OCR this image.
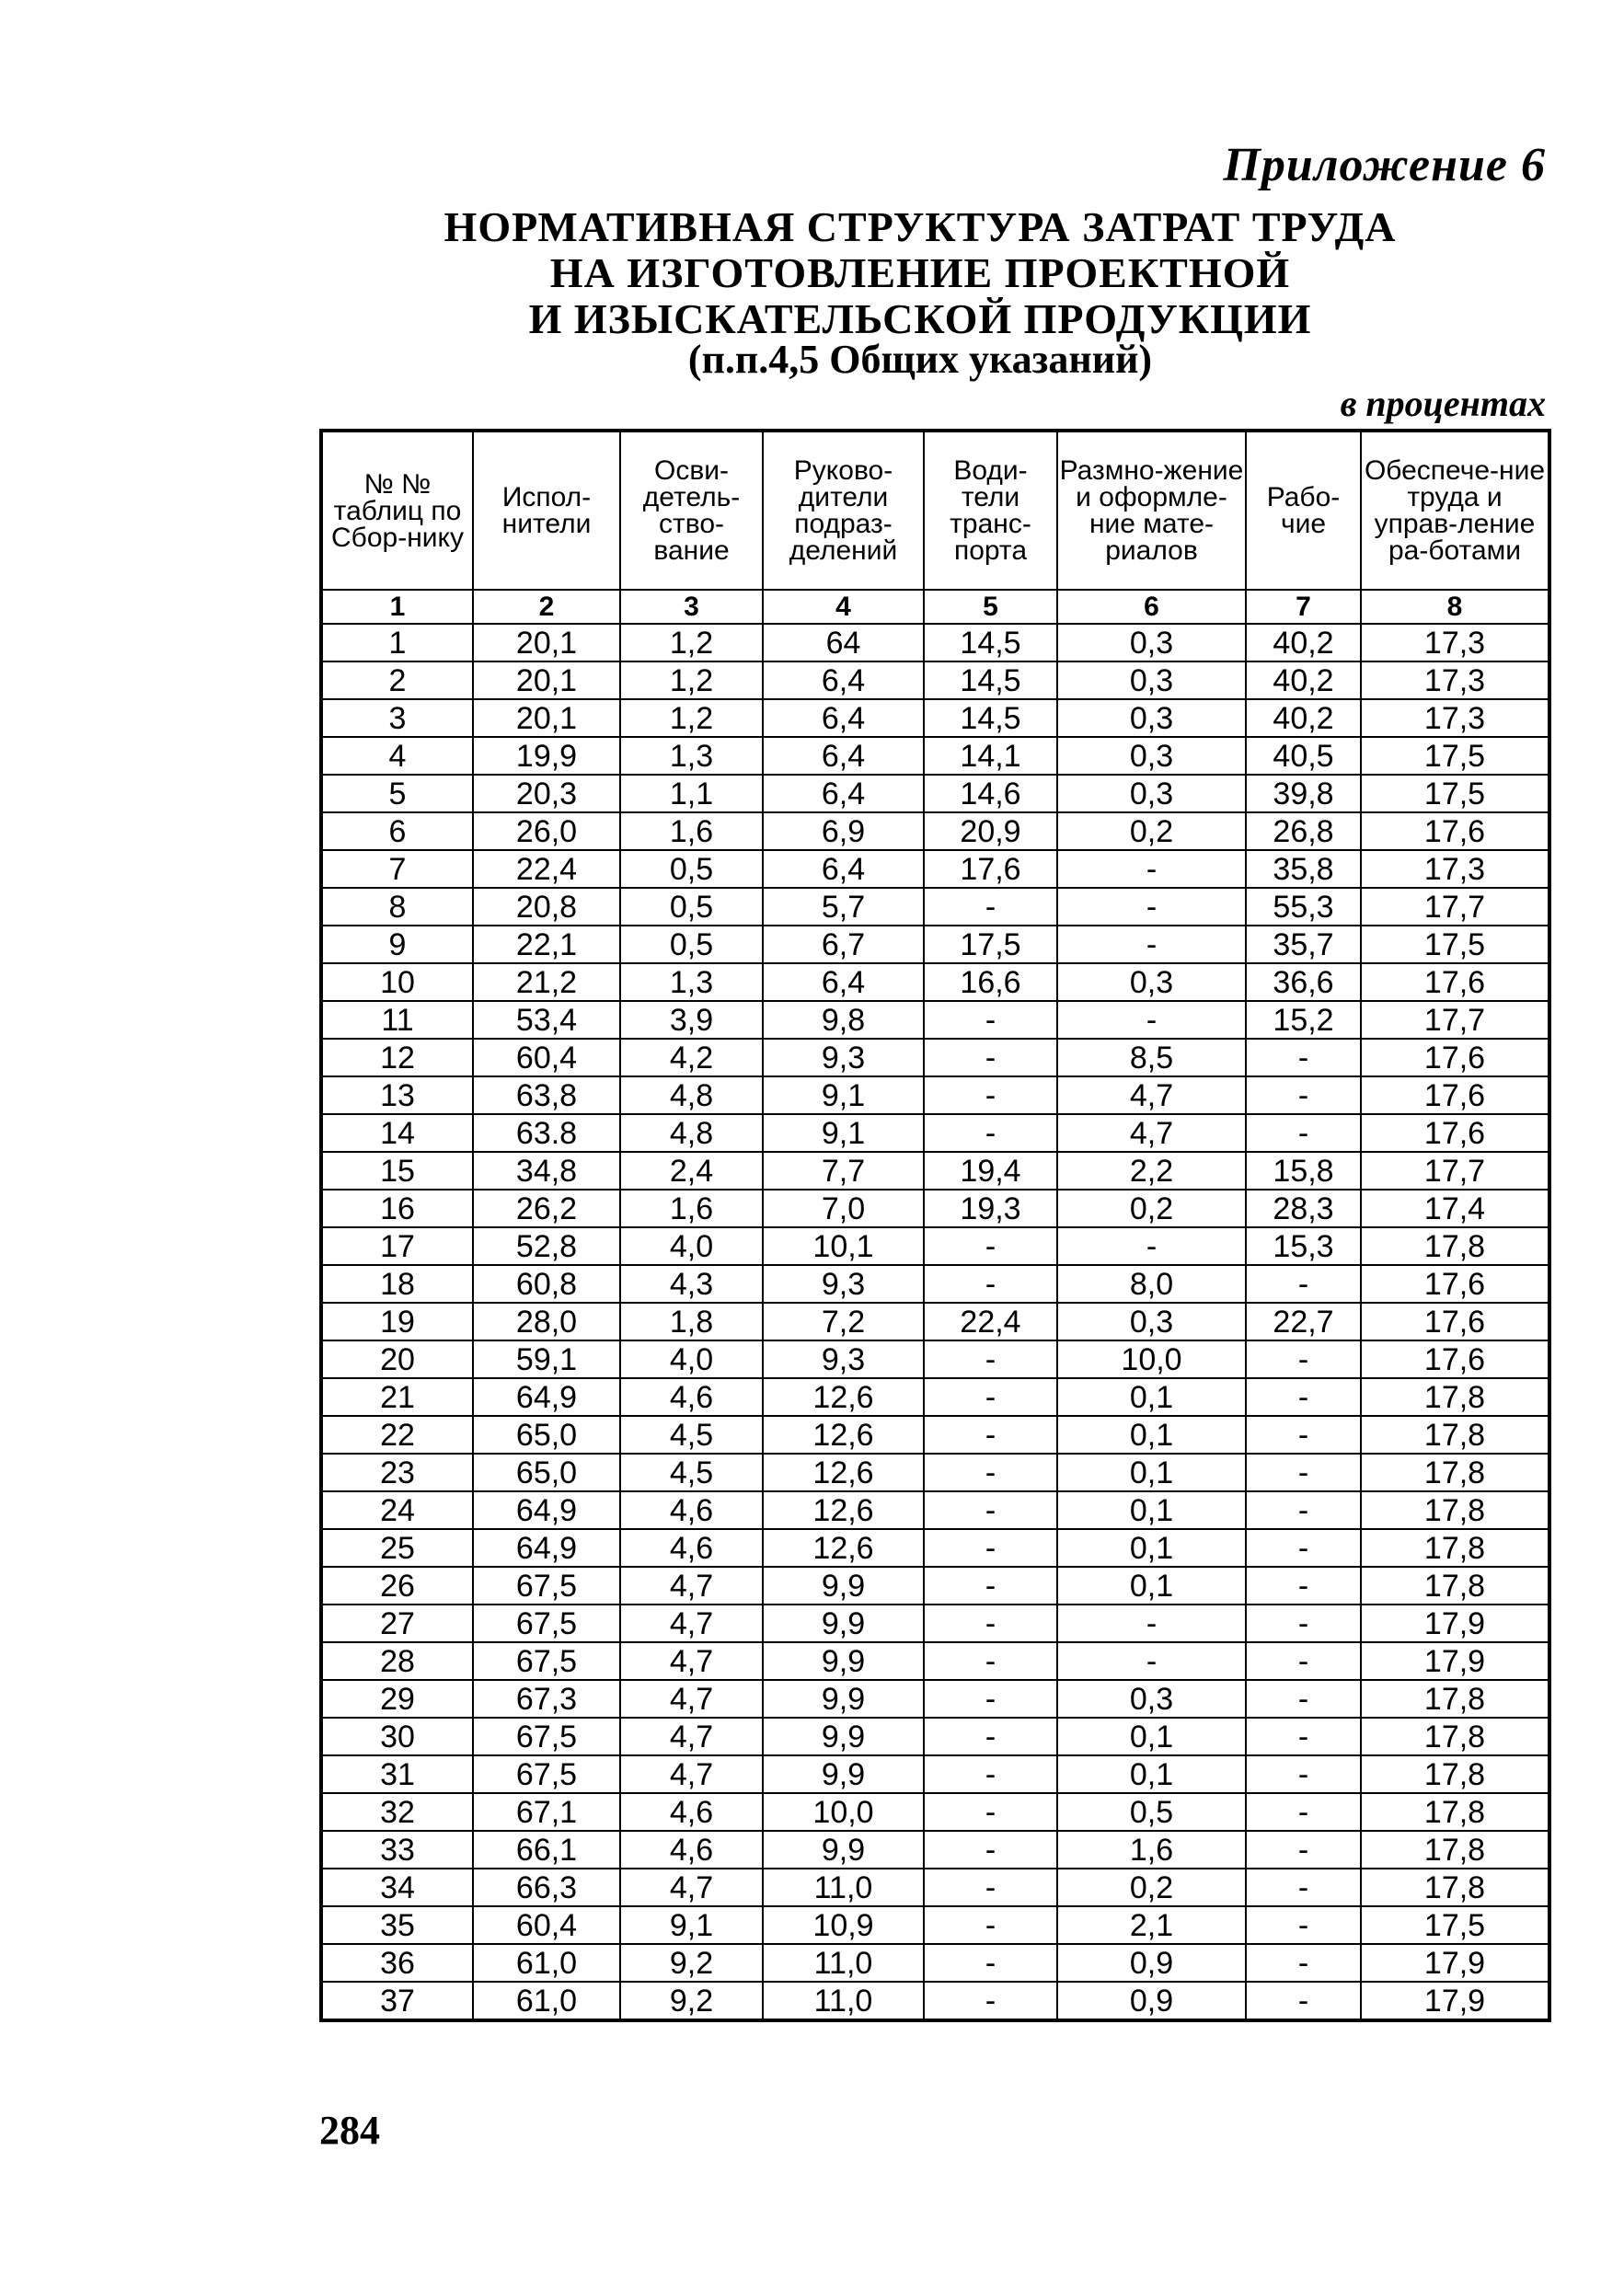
Приложение 6
НОРМАТИВНАЯ СТРУКТУРА ЗАТРАТ ТРУДА
НА ИЗГОТОВЛЕНИЕ ПРОЕКТНОЙ
И ИЗЫСКАТЕЛЬСКОЙ ПРОДУКЦИИ
(п.п.4,5 Общих указаний)
в процентах
№ № таблиц по Сбор-нику	Испол-нители	Осви-детель-ство-вание	Руково-дители подраз-делений	Води-тели транс-порта	Размно-жение и оформле-ние мате-риалов	Рабо-чие	Обеспече-ние труда и управ-ление ра-ботами
1	2	3	4	5	6	7	8
1	20,1	1,2	64	14,5	0,3	40,2	17,3
2	20,1	1,2	6,4	14,5	0,3	40,2	17,3
3	20,1	1,2	6,4	14,5	0,3	40,2	17,3
4	19,9	1,3	6,4	14,1	0,3	40,5	17,5
5	20,3	1,1	6,4	14,6	0,3	39,8	17,5
6	26,0	1,6	6,9	20,9	0,2	26,8	17,6
7	22,4	0,5	6,4	17,6	-	35,8	17,3
8	20,8	0,5	5,7	-	-	55,3	17,7
9	22,1	0,5	6,7	17,5	-	35,7	17,5
10	21,2	1,3	6,4	16,6	0,3	36,6	17,6
11	53,4	3,9	9,8	-	-	15,2	17,7
12	60,4	4,2	9,3	-	8,5	-	17,6
13	63,8	4,8	9,1	-	4,7	-	17,6
14	63.8	4,8	9,1	-	4,7	-	17,6
15	34,8	2,4	7,7	19,4	2,2	15,8	17,7
16	26,2	1,6	7,0	19,3	0,2	28,3	17,4
17	52,8	4,0	10,1	-	-	15,3	17,8
18	60,8	4,3	9,3	-	8,0	-	17,6
19	28,0	1,8	7,2	22,4	0,3	22,7	17,6
20	59,1	4,0	9,3	-	10,0	-	17,6
21	64,9	4,6	12,6	-	0,1	-	17,8
22	65,0	4,5	12,6	-	0,1	-	17,8
23	65,0	4,5	12,6	-	0,1	-	17,8
24	64,9	4,6	12,6	-	0,1	-	17,8
25	64,9	4,6	12,6	-	0,1	-	17,8
26	67,5	4,7	9,9	-	0,1	-	17,8
27	67,5	4,7	9,9	-	-	-	17,9
28	67,5	4,7	9,9	-	-	-	17,9
29	67,3	4,7	9,9	-	0,3	-	17,8
30	67,5	4,7	9,9	-	0,1	-	17,8
31	67,5	4,7	9,9	-	0,1	-	17,8
32	67,1	4,6	10,0	-	0,5	-	17,8
33	66,1	4,6	9,9	-	1,6	-	17,8
34	66,3	4,7	11,0	-	0,2	-	17,8
35	60,4	9,1	10,9	-	2,1	-	17,5
36	61,0	9,2	11,0	-	0,9	-	17,9
37	61,0	9,2	11,0	-	0,9	-	17,9
284
